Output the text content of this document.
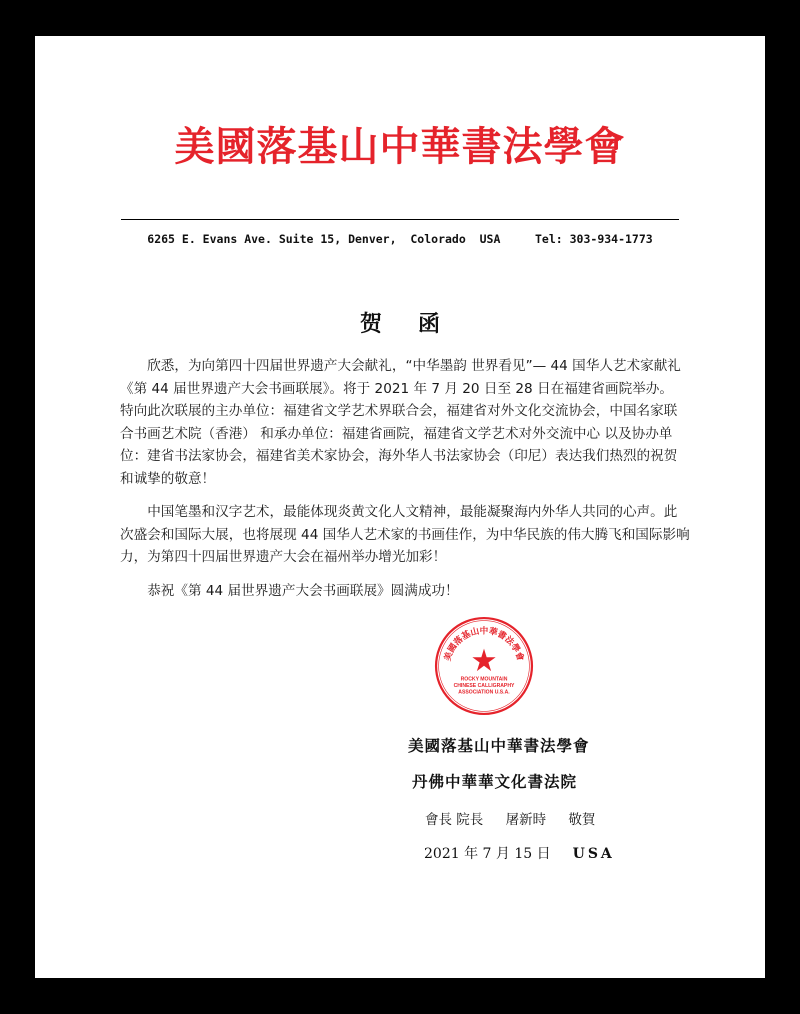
美國落基山中華書法學會
6265 E. Evans Ave. Suite 15, Denver,  Colorado  USA     Tel: 303-934-1773
贺函

欣悉，为向第四十四届世界遗产大会献礼，“中华墨韵 世界看见”— 44 国华人艺术家献礼《第 44 届世界遗产大会书画联展》。将于 2021 年 7 月 20 日至 28 日在福建省画院举办。 特向此次联展的主办单位：福建省文学艺术界联合会，福建省对外文化交流协会，中国名家联合书画艺术院（香港） 和承办单位：福建省画院，福建省文学艺术对外交流中心 以及协办单位：建省书法家协会，福建省美术家协会，海外华人书法家协会（印尼）表达我们热烈的祝贺和诚挚的敬意！

中国笔墨和汉字艺术，最能体现炎黄文化人文精神，最能凝聚海内外华人共同的心声。此次盛会和国际大展，也将展现 44 国华人艺术家的书画佳作，为中华民族的伟大腾飞和国际影响力，为第四十四届世界遗产大会在福州举办增光加彩！

恭祝《第 44 届世界遗产大会书画联展》圆满成功！

美國落基山中華書法學會
ROCKY MOUNTAIN
CHINESE CALLIGRAPHY
ASSOCIATION U.S.A.
美國落基山中華書法學會
丹佛中華華文化書法院
會長 院長 屠新時 敬賀
2021 年 7 月 15 日 USA
